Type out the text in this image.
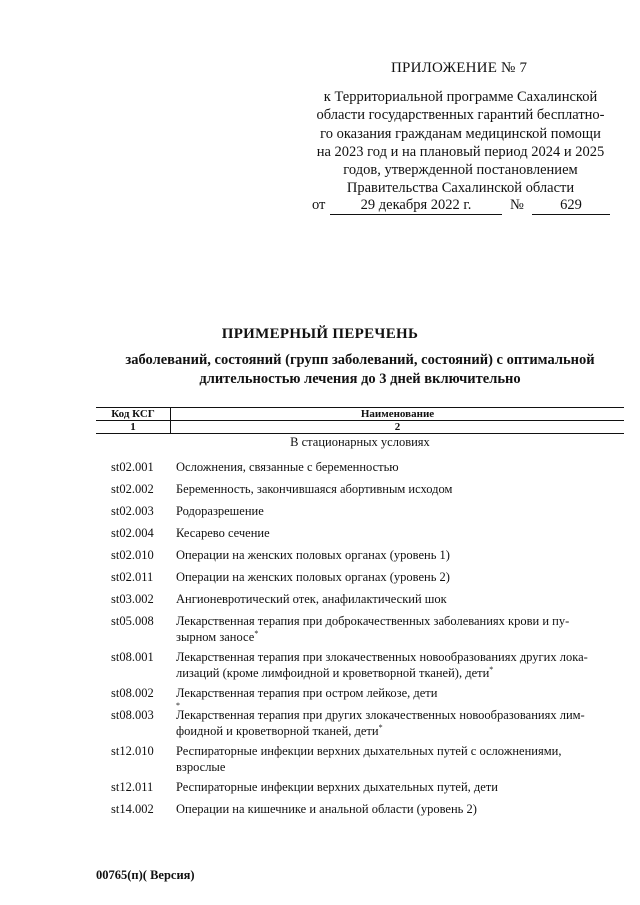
ПРИЛОЖЕНИЕ № 7
к Территориальной программе Сахалинской
области государственных гарантий бесплатно-
го оказания гражданам медицинской помощи
на 2023 год и на плановый период 2024 и 2025
годов, утвержденной постановлением
Правительства Сахалинской области
от	29 декабря 2022 г.	№	629
ПРИМЕРНЫЙ ПЕРЕЧЕНЬ
заболеваний, состояний (групп заболеваний, состояний) с оптимальной
длительностью лечения до 3 дней включительно
Код КСГ	Наименование
1	2
В стационарных условиях
st02.001 Осложнения, связанные с беременностью
st02.002 Беременность, закончившаяся абортивным исходом
st02.003 Родоразрешение
st02.004 Кесарево сечение
st02.010 Операции на женских половых органах (уровень 1)
st02.011 Операции на женских половых органах (уровень 2)
st03.002 Ангионевротический отек, анафилактический шок
st05.008 Лекарственная терапия при доброкачественных заболеваниях крови и пу-
зырном заносе*
st08.001 Лекарственная терапия при злокачественных новообразованиях других лока-
лизаций (кроме лимфоидной и кроветворной тканей), дети*
st08.002 Лекарственная терапия при остром лейкозе, дети
*
st08.003 Лекарственная терапия при других злокачественных новообразованиях лим-
фоидной и кроветворной тканей, дети*
st12.010 Респираторные инфекции верхних дыхательных путей с осложнениями,
взрослые
st12.011 Респираторные инфекции верхних дыхательных путей, дети
st14.002 Операции на кишечнике и анальной области (уровень 2)
00765(п)( Версия)
